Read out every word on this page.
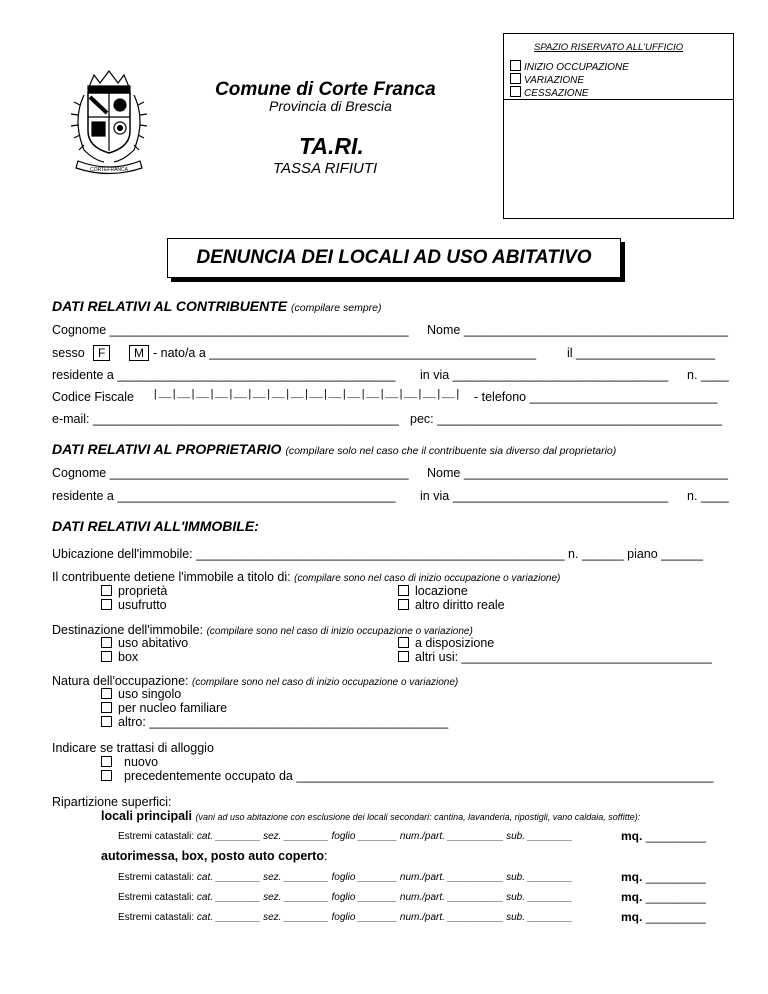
CORTEFRANCA
Comune di Corte Franca
Provincia di Brescia
TA.RI.
TASSA RIFIUTI
SPAZIO RISERVATO ALL'UFFICIO
INIZIO OCCUPAZIONE
VARIAZIONE
CESSAZIONE
DENUNCIA DEI LOCALI AD USO ABITATIVO
DATI RELATIVI AL CONTRIBUENTE (compilare sempre)
Cognome ___________________________________________ Nome ______________________________________
sesso	F	M - nato/a a _______________________________________________ il ____________________
residente a ________________________________________ in via _______________________________ n. ____
Codice Fiscale |__|__|__|__|__|__|__|__|__|__|__|__|__|__|__|__| - telefono ___________________________
e-mail: ____________________________________________ pec: _________________________________________
DATI RELATIVI AL PROPRIETARIO (compilare solo nel caso che il contribuente sia diverso dal proprietario)
Cognome ___________________________________________ Nome ______________________________________
residente a ________________________________________ in via _______________________________ n. ____
DATI RELATIVI ALL'IMMOBILE:
Ubicazione dell'immobile: _____________________________________________________ n. ______ piano ______
Il contribuente detiene l'immobile a titolo di: (compilare sono nel caso di inizio occupazione o variazione)
proprietà
usufrutto
locazione
altro diritto reale
Destinazione dell'immobile: (compilare sono nel caso di inizio occupazione o variazione)
uso abitativo
box
a disposizione
altri usi: ____________________________________
Natura dell'occupazione: (compilare sono nel caso di inizio occupazione o variazione)
uso singolo
per nucleo familiare
altro: ___________________________________________
Indicare se trattasi di alloggio
nuovo
precedentemente occupato da ____________________________________________________________
Ripartizione superfici:
locali principali (vani ad uso abitazione con esclusione dei locali secondari: cantina, lavanderia, ripostigli, vano caldaia, soffitte):
Estremi catastali: cat. ________ sez. ________ foglio _______ num./part. __________ sub. ________	mq. _________
autorimessa, box, posto auto coperto:
Estremi catastali: cat. ________ sez. ________ foglio _______ num./part. __________ sub. ________	mq. _________
Estremi catastali: cat. ________ sez. ________ foglio _______ num./part. __________ sub. ________	mq. _________
Estremi catastali: cat. ________ sez. ________ foglio _______ num./part. __________ sub. ________	mq. _________
